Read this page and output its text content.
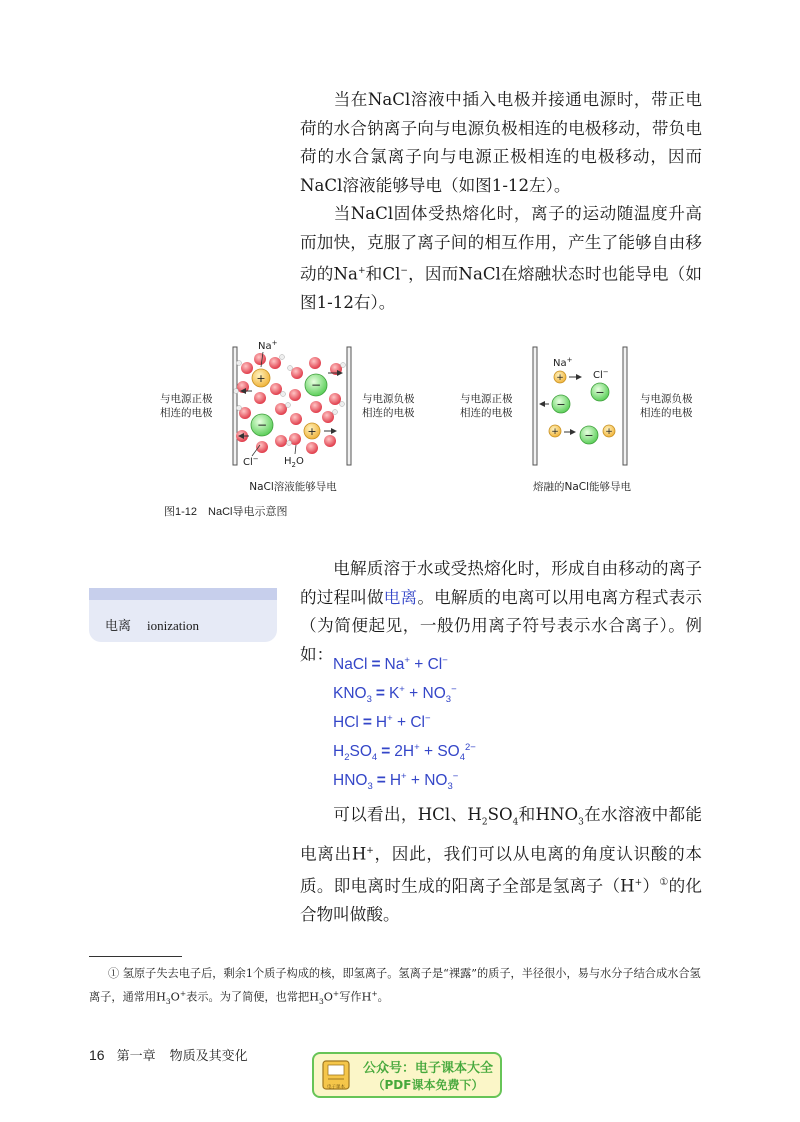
当在NaCl溶液中插入电极并接通电源时，带正电荷的水合钠离子向与电源负极相连的电极移动，带负电荷的水合氯离子向与电源正极相连的电极移动，因而NaCl溶液能够导电（如图1-12左）。

当NaCl固体受热熔化时，离子的运动随温度升高而加快，克服了离子间的相互作用，产生了能够自由移动的Na+和Cl−，因而NaCl在熔融状态时也能导电（如图1-12右）。

与电源正极
相连的电极
与电源负极
相连的电极
+
Na+
−
−
Cl−
+
$H_2O$
NaCl溶液能够导电
与电源正极
相连的电极
与电源负极
相连的电极
Na+
+	Cl−
−
−
+ − +
熔融的NaCl能够导电
图1-12　NaCl导电示意图
电离 ionization

电解质溶于水或受热熔化时，形成自由移动的离子的过程叫做电离。电解质的电离可以用电离方程式表示（为简便起见，一般仍用离子符号表示水合离子）。例如：

NaCl = Na+ + Cl−
$KNO_3 = K^+ + NO_3^-$
HCl = H+ + Cl−
$H_2SO_4 = 2H^+ + SO_4^{2-}$
$HNO_3 = H^+ + NO_3^-$

可以看出，HCl、$H_2SO_4$和$HNO_3$在水溶液中都能电离出H+，因此，我们可以从电离的角度认识酸的本质。即电离时生成的阳离子全部是氢离子（H+）①的化合物叫做酸。

① 氢原子失去电子后，剩余1个质子构成的核，即氢离子。氢离子是“裸露”的质子，半径很小，易与水分子结合成水合氢离子，通常用$H_3O^+$表示。为了简便，也常把$H_3O^+$写作H+。

16 第一章 物质及其变化
电子课本
公众号：电子课本大全
（PDF课本免费下）
